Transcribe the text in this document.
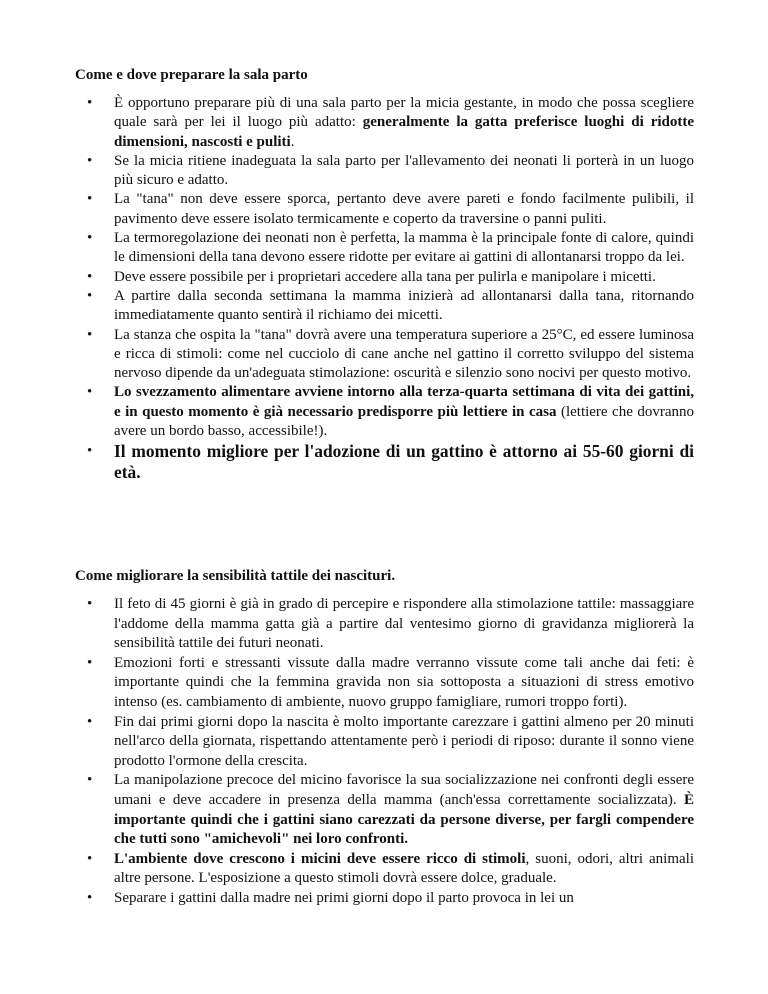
Come e dove preparare la sala parto
• È opportuno preparare più di una sala parto per la micia gestante, in modo che possa scegliere quale sarà per lei il luogo più adatto: generalmente la gatta preferisce luoghi di ridotte dimensioni, nascosti e puliti.
• Se la micia ritiene inadeguata la sala parto per l'allevamento dei neonati li porterà in un luogo più sicuro e adatto.
• La "tana" non deve essere sporca, pertanto deve avere pareti e fondo facilmente pulibili, il pavimento deve essere isolato termicamente e coperto da traversine o panni puliti.
• La termoregolazione dei neonati non è perfetta, la mamma è la principale fonte di calore, quindi le dimensioni della tana devono essere ridotte per evitare ai gattini di allontanarsi troppo da lei.
• Deve essere possibile per i proprietari accedere alla tana per pulirla e manipolare i micetti.
• A partire dalla seconda settimana la mamma inizierà ad allontanarsi dalla tana, ritornando immediatamente quanto sentirà il richiamo dei micetti.
• La stanza che ospita la "tana" dovrà avere una temperatura superiore a 25°C, ed essere luminosa e ricca di stimoli: come nel cucciolo di cane anche nel gattino il corretto sviluppo del sistema nervoso dipende da un'adeguata stimolazione: oscurità e silenzio sono nocivi per questo motivo.
• Lo svezzamento alimentare avviene intorno alla terza-quarta settimana di vita dei gattini, e in questo momento è già necessario predisporre più lettiere in casa (lettiere che dovranno avere un bordo basso, accessibile!).
• Il momento migliore per l'adozione di un gattino è attorno ai 55-60 giorni di età.
Come migliorare la sensibilità tattile dei nascituri.
• Il feto di 45 giorni è già in grado di percepire e rispondere alla stimolazione tattile: massaggiare l'addome della mamma gatta già a partire dal ventesimo giorno di gravidanza migliorerà la sensibilità tattile dei futuri neonati.
• Emozioni forti e stressanti vissute dalla madre verranno vissute come tali anche dai feti: è importante quindi che la femmina gravida non sia sottoposta a situazioni di stress emotivo intenso (es. cambiamento di ambiente, nuovo gruppo famigliare, rumori troppo forti).
• Fin dai primi giorni dopo la nascita è molto importante carezzare i gattini almeno per 20 minuti nell'arco della giornata, rispettando attentamente però i periodi di riposo: durante il sonno viene prodotto l'ormone della crescita.
• La manipolazione precoce del micino favorisce la sua socializzazione nei confronti degli essere umani e deve accadere in presenza della mamma (anch'essa correttamente socializzata). È importante quindi che i gattini siano carezzati da persone diverse, per fargli compendere che tutti sono "amichevoli" nei loro confronti.
• L'ambiente dove crescono i micini deve essere ricco di stimoli, suoni, odori, altri animali altre persone. L'esposizione a questo stimoli dovrà essere dolce, graduale.
• Separare i gattini dalla madre nei primi giorni dopo il parto provoca in lei un
